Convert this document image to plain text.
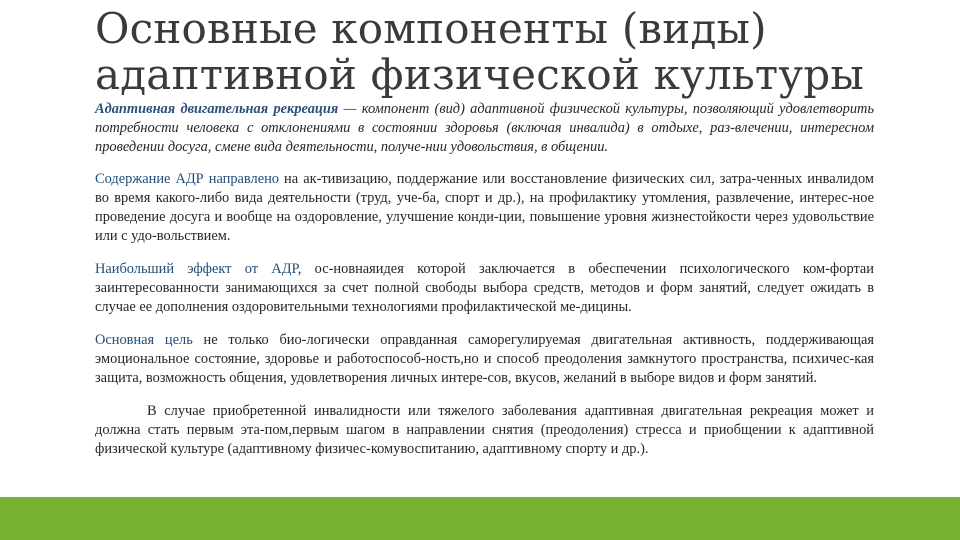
Основные компоненты (виды)
адаптивной физической культуры

Адаптивная двигательная рекреация — компонент (вид) адаптивной физической культуры, позволяющий удовлетворить потребности человека с отклонениями в состоянии здоровья (включая инвалида) в отдыхе, раз-влечении, интересном проведении досуга, смене вида деятельности, получе-нии удовольствия, в общении.

Содержание АДР направлено на ак-тивизацию, поддержание или восстановление физических сил, затра-ченных инвалидом во время какого-либо вида деятельности (труд, уче-ба, спорт и др.), на профилактику утомления, развлечение, интерес-ное проведение досуга и вообще на оздоровление, улучшение конди-ции, повышение уровня жизнестойкости через удовольствие или с удо-вольствием.

Наибольший эффект от АДР, ос-новнаяидея которой заключается в обеспечении психологического ком-фортаи заинтересованности занимающихся за счет полной свободы выбора средств, методов и форм занятий, следует ожидать в случае ее дополнения оздоровительными технологиями профилактической ме-дицины.

Основная цель не только био-логически оправданная саморегулируемая двигательная активность, поддерживающая эмоциональное состояние, здоровье и работоспособ-ность,но и способ преодоления замкнутого пространства, психичес-кая защита, возможность общения, удовлетворения личных интере-сов, вкусов, желаний в выборе видов и форм занятий.

В случае приобретенной инвалидности или тяжелого заболевания адаптивная двигательная рекреация может и должна стать первым эта-пом,первым шагом в направлении снятия (преодоления) стресса и приобщении к адаптивной физической культуре (адаптивному физичес-комувоспитанию, адаптивному спорту и др.).
